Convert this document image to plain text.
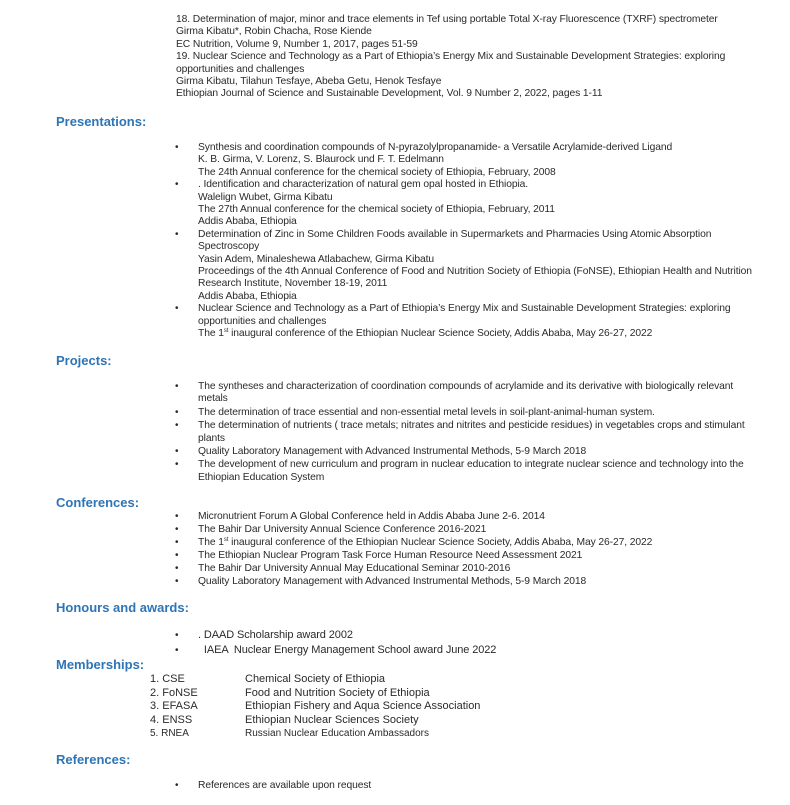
18. Determination of major, minor and trace elements in Tef using portable Total X-ray Fluorescence (TXRF) spectrometer
Girma Kibatu*, Robin Chacha, Rose Kiende
EC Nutrition, Volume 9, Number 1, 2017, pages 51-59
19. Nuclear Science and Technology as a Part of Ethiopia’s Energy Mix and Sustainable Development Strategies: exploring
opportunities and challenges
Girma Kibatu, Tilahun Tesfaye, Abeba Getu, Henok Tesfaye
Ethiopian Journal of Science and Sustainable Development, Vol. 9 Number 2, 2022, pages 1-11
Presentations:
• Synthesis and coordination compounds of N-pyrazolylpropanamide- a Versatile Acrylamide-derived Ligand
K. B. Girma, V. Lorenz, S. Blaurock und F. T. Edelmann
The 24th Annual conference for the chemical society of Ethiopia, February, 2008
• . Identification and characterization of natural gem opal hosted in Ethiopia.
Walelign Wubet, Girma Kibatu
The 27th Annual conference for the chemical society of Ethiopia, February, 2011
Addis Ababa, Ethiopia
• Determination of Zinc in Some Children Foods available in Supermarkets and Pharmacies Using Atomic Absorption
Spectroscopy
Yasin Adem, Minaleshewa Atlabachew, Girma Kibatu
Proceedings of the 4th Annual Conference of Food and Nutrition Society of Ethiopia (FoNSE), Ethiopian Health and Nutrition
Research Institute, November 18-19, 2011
Addis Ababa, Ethiopia
• Nuclear Science and Technology as a Part of Ethiopia’s Energy Mix and Sustainable Development Strategies: exploring
opportunities and challenges
The 1st inaugural conference of the Ethiopian Nuclear Science Society, Addis Ababa, May 26-27, 2022
Projects:
• The syntheses and characterization of coordination compounds of acrylamide and its derivative with biologically relevant
metals
• The determination of trace essential and non-essential metal levels in soil-plant-animal-human system.
• The determination of nutrients ( trace metals; nitrates and nitrites and pesticide residues) in vegetables crops and stimulant
plants
• Quality Laboratory Management with Advanced Instrumental Methods, 5-9 March 2018
• The development of new curriculum and program in nuclear education to integrate nuclear science and technology into the
Ethiopian Education System
Conferences:
• Micronutrient Forum A Global Conference held in Addis Ababa June 2-6. 2014
• The Bahir Dar University Annual Science Conference 2016-2021
• The 1st inaugural conference of the Ethiopian Nuclear Science Society, Addis Ababa, May 26-27, 2022
• The Ethiopian Nuclear Program Task Force Human Resource Need Assessment 2021
• The Bahir Dar University Annual May Educational Seminar 2010-2016
• Quality Laboratory Management with Advanced Instrumental Methods, 5-9 March 2018
Honours and awards:
• . DAAD Scholarship award 2002
•   IAEA  Nuclear Energy Management School award June 2022
Memberships:
1. CSE	Chemical Society of Ethiopia
2. FoNSE	Food and Nutrition Society of Ethiopia
3. EFASA	Ethiopian Fishery and Aqua Science Association
4. ENSS	Ethiopian Nuclear Sciences Society
5. RNEA	Russian Nuclear Education Ambassadors
References:
• References are available upon request
